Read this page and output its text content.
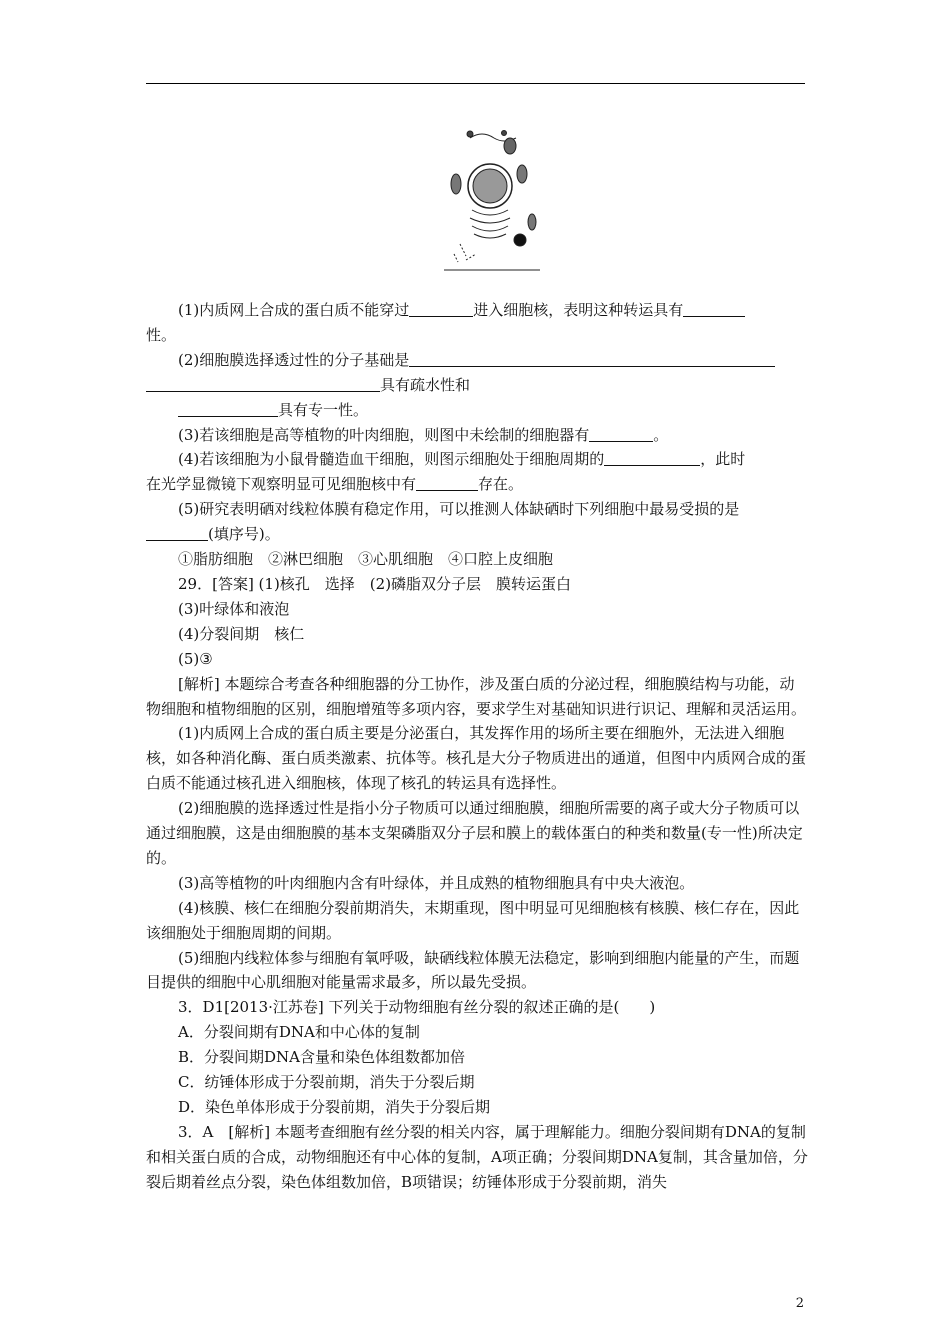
(1)内质网上合成的蛋白质不能穿过	进入细胞核，表明这种转运具有

性。

(2)细胞膜选择透过性的分子基础是

具有疏水性和

具有专一性。

(3)若该细胞是高等植物的叶肉细胞，则图中未绘制的细胞器有	。

(4)若该细胞为小鼠骨髓造血干细胞，则图示细胞处于细胞周期的	，此时

在光学显微镜下观察明显可见细胞核中有	存在。

(5)研究表明硒对线粒体膜有稳定作用，可以推测人体缺硒时下列细胞中最易受损的是

(填序号)。

①脂肪细胞　②淋巴细胞　③心肌细胞　④口腔上皮细胞

29．[答案] (1)核孔　选择　(2)磷脂双分子层　膜转运蛋白

(3)叶绿体和液泡

(4)分裂间期　核仁

(5)③

[解析] 本题综合考查各种细胞器的分工协作，涉及蛋白质的分泌过程，细胞膜结构与功能，动物细胞和植物细胞的区别，细胞增殖等多项内容，要求学生对基础知识进行识记、理解和灵活运用。

(1)内质网上合成的蛋白质主要是分泌蛋白，其发挥作用的场所主要在细胞外，无法进入细胞核，如各种消化酶、蛋白质类激素、抗体等。核孔是大分子物质进出的通道，但图中内质网合成的蛋白质不能通过核孔进入细胞核，体现了核孔的转运具有选择性。

(2)细胞膜的选择透过性是指小分子物质可以通过细胞膜，细胞所需要的离子或大分子物质可以通过细胞膜，这是由细胞膜的基本支架磷脂双分子层和膜上的载体蛋白的种类和数量(专一性)所决定的。

(3)高等植物的叶肉细胞内含有叶绿体，并且成熟的植物细胞具有中央大液泡。

(4)核膜、核仁在细胞分裂前期消失，末期重现，图中明显可见细胞核有核膜、核仁存在，因此该细胞处于细胞周期的间期。

(5)细胞内线粒体参与细胞有氧呼吸，缺硒线粒体膜无法稳定，影响到细胞内能量的产生，而题目提供的细胞中心肌细胞对能量需求最多，所以最先受损。

3．D1[2013·江苏卷] 下列关于动物细胞有丝分裂的叙述正确的是(　　)

A．分裂间期有DNA和中心体的复制

B．分裂间期DNA含量和染色体组数都加倍

C．纺锤体形成于分裂前期，消失于分裂后期

D．染色单体形成于分裂前期，消失于分裂后期

3．A　[解析] 本题考查细胞有丝分裂的相关内容，属于理解能力。细胞分裂间期有DNA的复制和相关蛋白质的合成，动物细胞还有中心体的复制，A项正确；分裂间期DNA复制，其含量加倍，分裂后期着丝点分裂，染色体组数加倍，B项错误；纺锤体形成于分裂前期，消失

2
